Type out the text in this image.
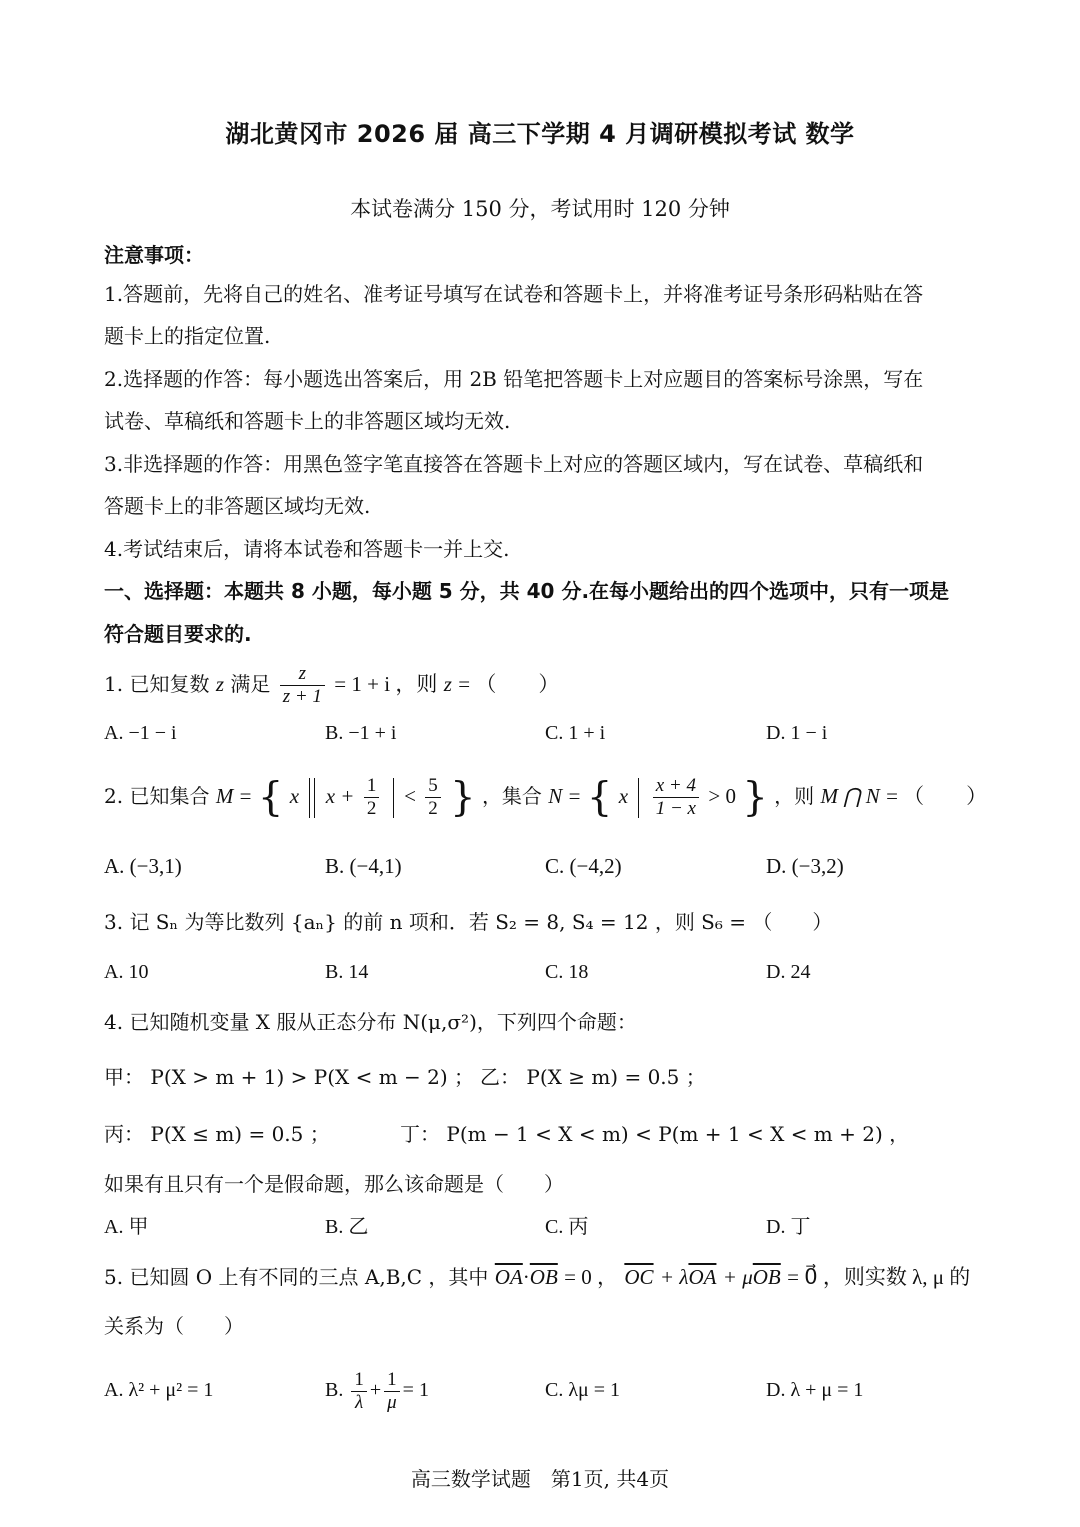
湖北黄冈市 2026 届 高三下学期 4 月调研模拟考试 数学
本试卷满分 150 分，考试用时 120 分钟
注意事项：
1.答题前，先将自己的姓名、准考证号填写在试卷和答题卡上，并将准考证号条形码粘贴在答
题卡上的指定位置.
2.选择题的作答：每小题选出答案后，用 2B 铅笔把答题卡上对应题目的答案标号涂黑，写在
试卷、草稿纸和答题卡上的非答题区域均无效.
3.非选择题的作答：用黑色签字笔直接答在答题卡上对应的答题区域内，写在试卷、草稿纸和
答题卡上的非答题区域均无效.
4.考试结束后，请将本试卷和答题卡一并上交.
一、选择题：本题共 8 小题，每小题 5 分，共 40 分.在每小题给出的四个选项中，只有一项是
符合题目要求的.
1. 已知复数 z 满足 $\frac{z}{z + 1} = 1 + i$ ，则 z = （　　）
A. −1 − i	B. −1 + i	C. 1 + i	D. 1 − i
2. 已知集合 M = { x $x + \frac{1}{2} < \frac{5}{2}$ } ，集合 N = { x $\frac{x + 4}{1 - x} > 0$ } ，则 M ⋂ N = （　　）
A. (−3,1)	B. (−4,1)	C. (−4,2)	D. (−3,2)
3. 记 Sₙ 为等比数列 {aₙ} 的前 n 项和．若 S₂ = 8, S₄ = 12 ，则 S₆ = （　　）
A. 10	B. 14	C. 18	D. 24
4. 已知随机变量 X 服从正态分布 N(μ,σ²)，下列四个命题：
甲： P(X > m + 1) > P(X < m − 2) ； 乙： P(X ≥ m) = 0.5 ；
丙： P(X ≤ m) = 0.5 ；	丁： P(m − 1 < X < m) < P(m + 1 < X < m + 2) ，
如果有且只有一个是假命题，那么该命题是（　　）
A. 甲	B. 乙	C. 丙	D. 丁
5. 已知圆 O 上有不同的三点 A,B,C ，其中 $\overline{OA}\cdot\overline{OB} = 0$ ， $\overline{OC} + \lambda\overline{OA} + \mu\overline{OB}$ = 0⃗ ，则实数 λ, μ 的
关系为（　　）
A. λ² + μ² = 1	B. $\frac{1}{\lambda} + \frac{1}{\mu} = 1$	C. λμ = 1	D. λ + μ = 1
高三数学试题　第1页, 共4页
